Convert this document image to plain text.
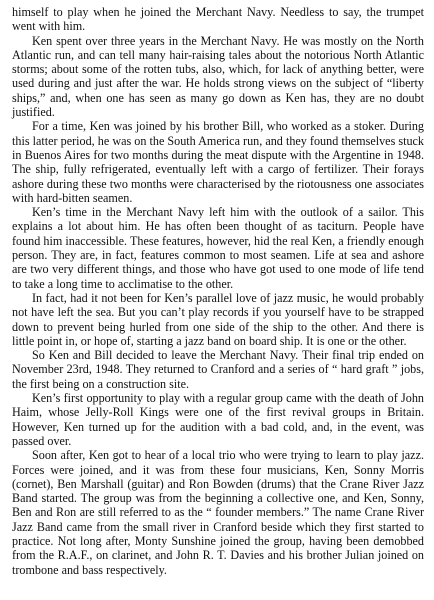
himself to play when he joined the Merchant Navy. Needless to say, the trumpet went with him.

Ken spent over three years in the Merchant Navy. He was mostly on the North Atlantic run, and can tell many hair-raising tales about the notorious North Atlantic storms; about some of the rotten tubs, also, which, for lack of anything better, were used during and just after the war. He holds strong views on the subject of “liberty ships,” and, when one has seen as many go down as Ken has, they are no doubt justified.

For a time, Ken was joined by his brother Bill, who worked as a stoker. During this latter period, he was on the South America run, and they found themselves stuck in Buenos Aires for two months during the meat dispute with the Argentine in 1948. The ship, fully refrigerated, eventually left with a cargo of fertilizer. Their forays ashore during these two months were characterised by the riotousness one associates with hard-bitten seamen.

Ken’s time in the Merchant Navy left him with the outlook of a sailor. This explains a lot about him. He has often been thought of as taciturn. People have found him inaccessible. These features, however, hid the real Ken, a friendly enough person. They are, in fact, features common to most seamen. Life at sea and ashore are two very different things, and those who have got used to one mode of life tend to take a long time to acclimatise to the other.

In fact, had it not been for Ken’s parallel love of jazz music, he would probably not have left the sea. But you can’t play records if you yourself have to be strapped down to prevent being hurled from one side of the ship to the other. And there is little point in, or hope of, starting a jazz band on board ship. It is one or the other.

So Ken and Bill decided to leave the Merchant Navy. Their final trip ended on November 23rd, 1948. They returned to Cranford and a series of “ hard graft ” jobs, the first being on a construction site.

Ken’s first opportunity to play with a regular group came with the death of John Haim, whose Jelly-Roll Kings were one of the first revival groups in Britain. However, Ken turned up for the audition with a bad cold, and, in the event, was passed over.

Soon after, Ken got to hear of a local trio who were trying to learn to play jazz. Forces were joined, and it was from these four musicians, Ken, Sonny Morris (cornet), Ben Marshall (guitar) and Ron Bowden (drums) that the Crane River Jazz Band started. The group was from the beginning a collective one, and Ken, Sonny, Ben and Ron are still referred to as the “ founder members.” The name Crane River Jazz Band came from the small river in Cranford beside which they first started to practice. Not long after, Monty Sunshine joined the group, having been demobbed from the R.A.F., on clarinet, and John R. T. Davies and his brother Julian joined on trombone and bass respectively.
